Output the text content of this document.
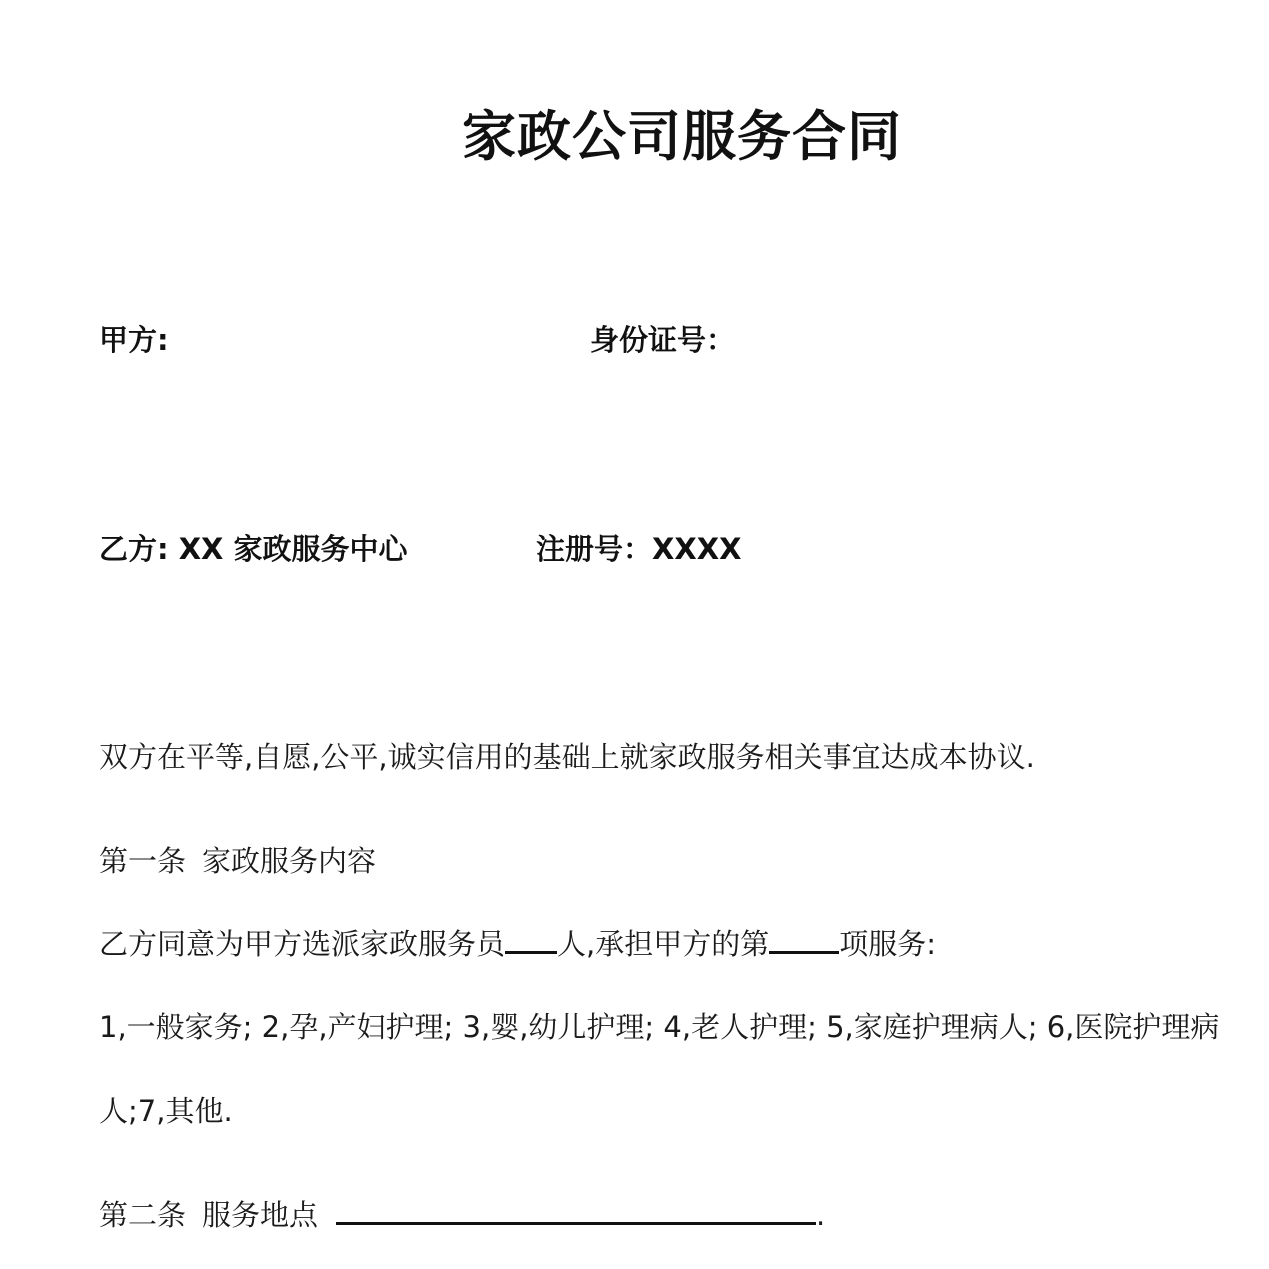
家政公司服务合同
甲方:	身份证号：
乙方: XX 家政服务中心	注册号：XXXX
双方在平等,自愿,公平,诚实信用的基础上就家政服务相关事宜达成本协议.
第一条 家政服务内容
乙方同意为甲方选派家政服务员 人,承担甲方的第 项服务:
1,一般家务; 2,孕,产妇护理; 3,婴,幼儿护理; 4,老人护理; 5,家庭护理病人; 6,医院护理病
人;7,其他.
第二条 服务地点	.
